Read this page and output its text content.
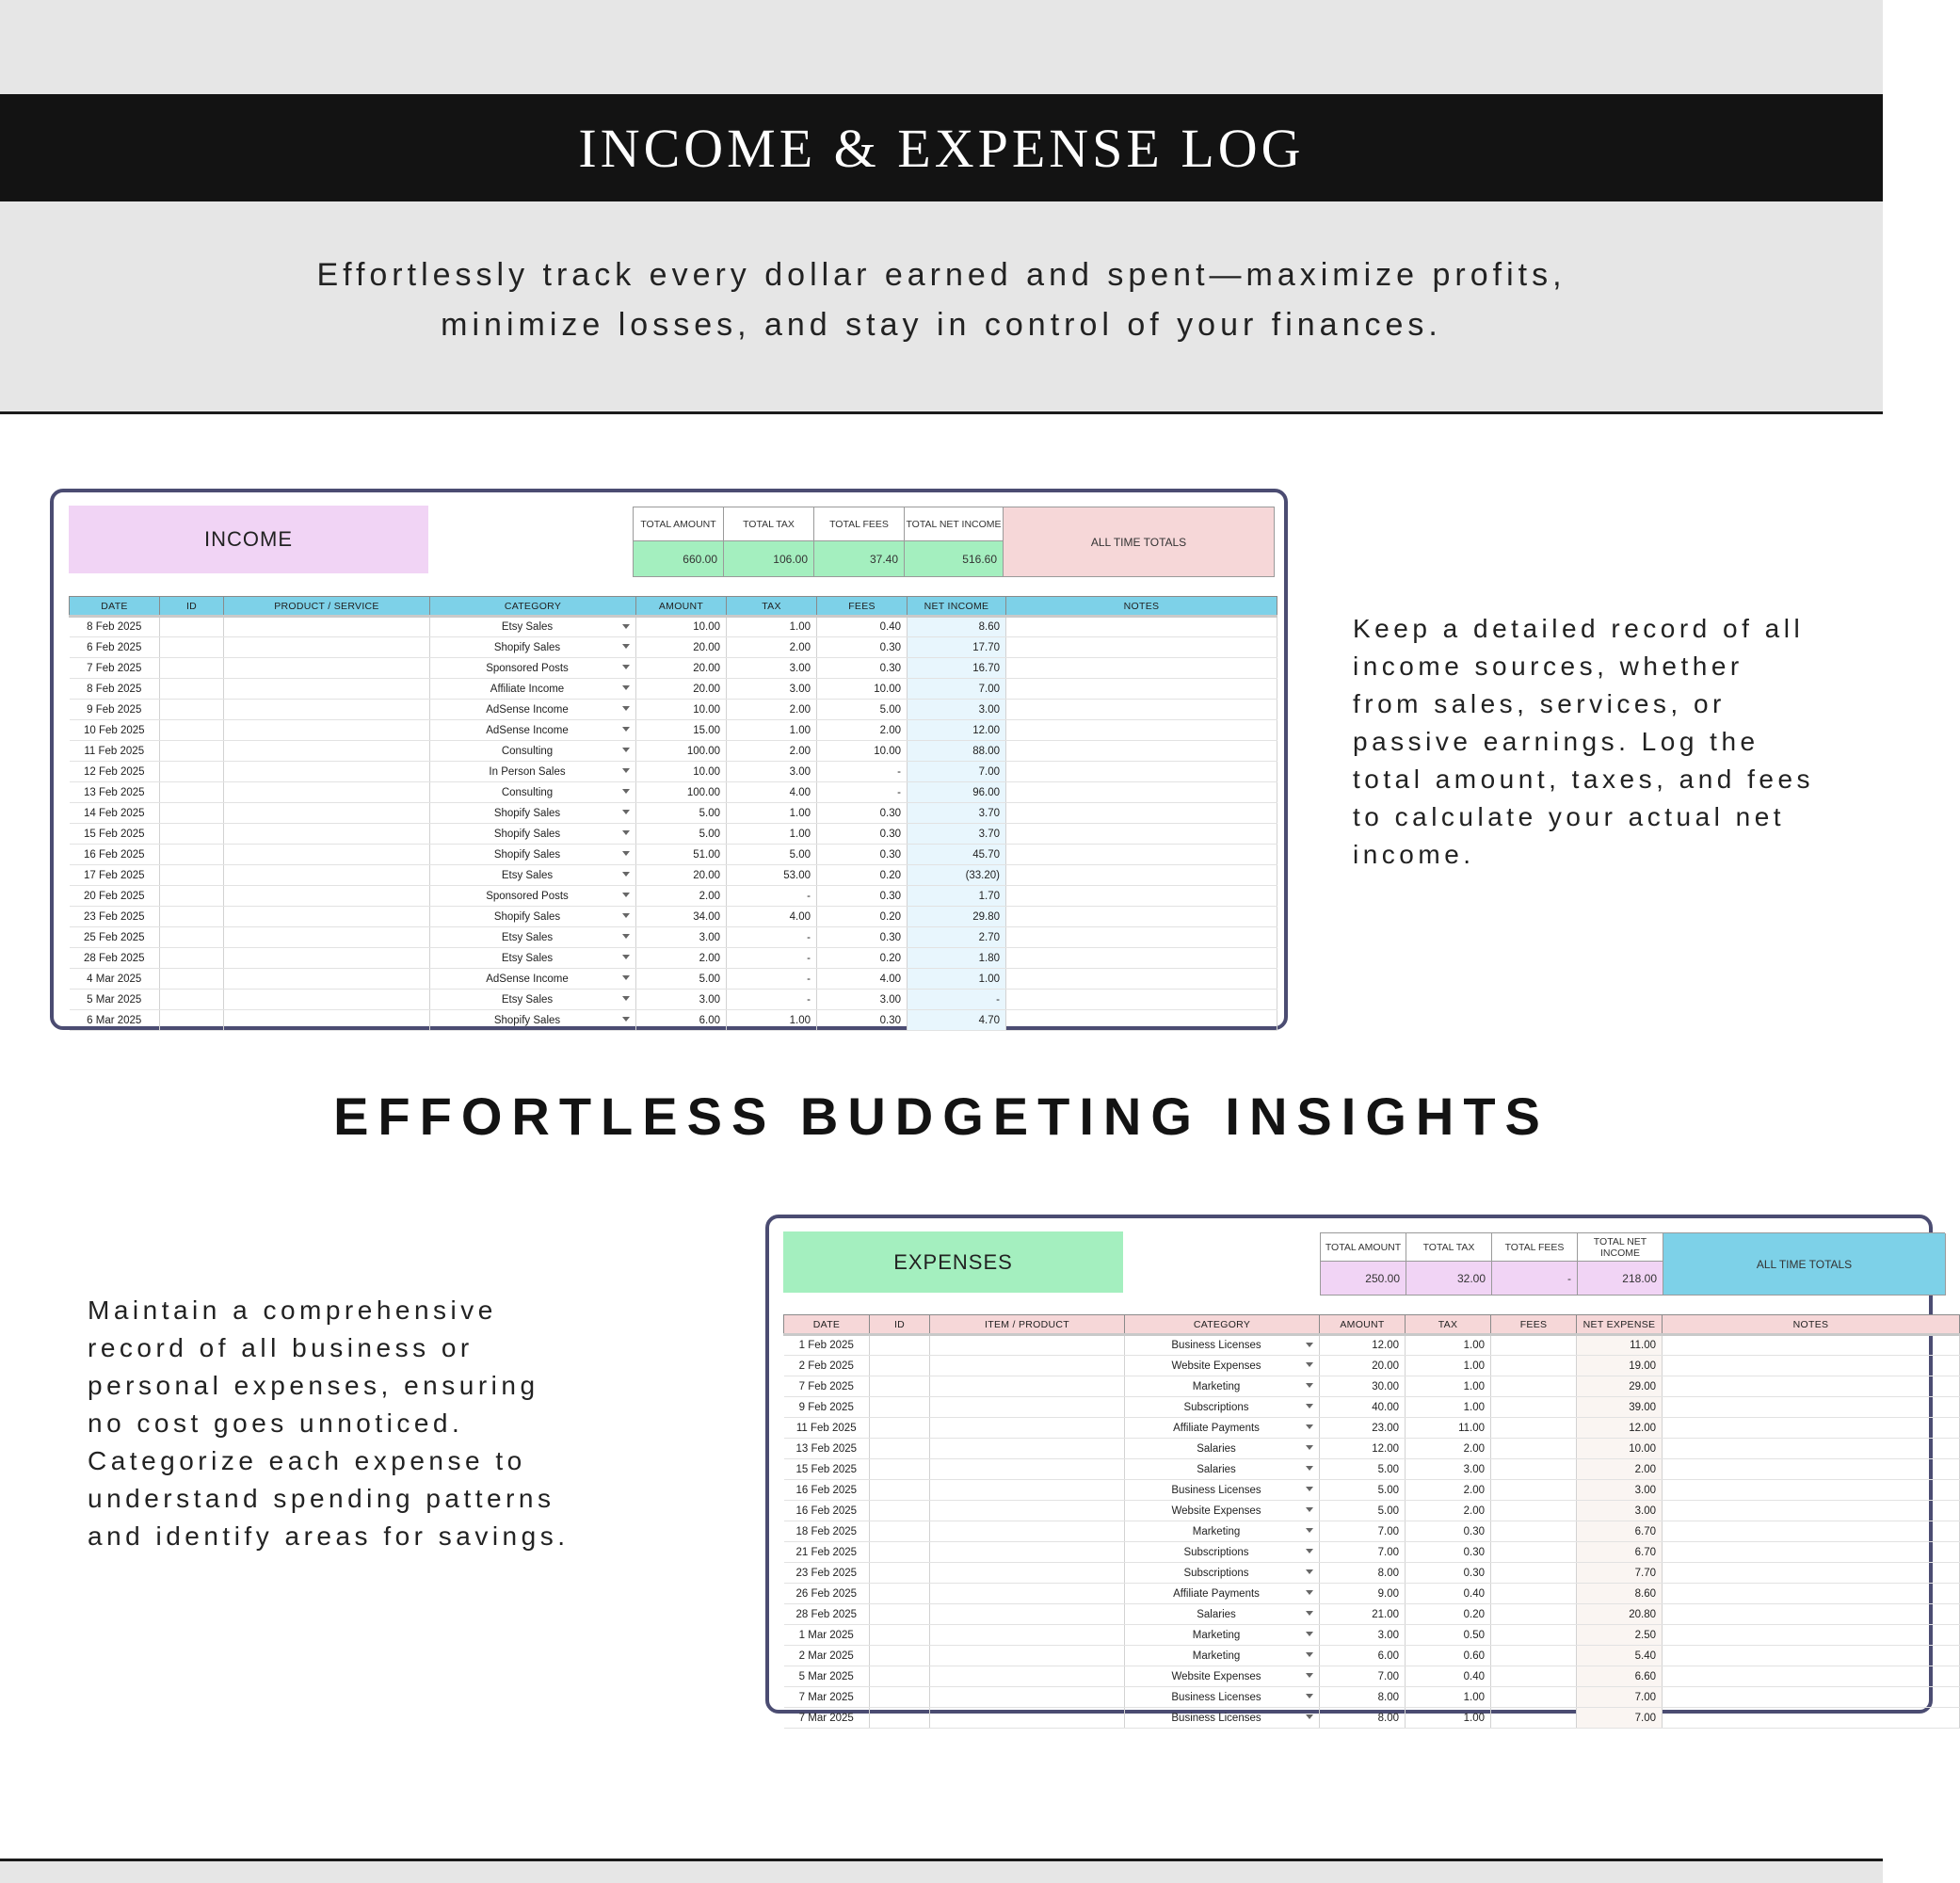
INCOME & EXPENSE LOG
Effortlessly track every dollar earned and spent—maximize profits,
minimize losses, and stay in control of your finances.
INCOME
TOTAL AMOUNT	TOTAL TAX	TOTAL FEES	TOTAL NET INCOME
ALL TIME TOTALS
660.00	106.00	37.40	516.60
DATE	ID	PRODUCT / SERVICE	CATEGORY	AMOUNT	TAX	FEES	NET INCOME	NOTES
8 Feb 2025			Etsy Sales	10.00	1.00	0.40	8.60	
6 Feb 2025			Shopify Sales	20.00	2.00	0.30	17.70	
7 Feb 2025			Sponsored Posts	20.00	3.00	0.30	16.70	
8 Feb 2025			Affiliate Income	20.00	3.00	10.00	7.00	
9 Feb 2025			AdSense Income	10.00	2.00	5.00	3.00	
10 Feb 2025			AdSense Income	15.00	1.00	2.00	12.00	
11 Feb 2025			Consulting	100.00	2.00	10.00	88.00	
12 Feb 2025			In Person Sales	10.00	3.00	-	7.00	
13 Feb 2025			Consulting	100.00	4.00	-	96.00	
14 Feb 2025			Shopify Sales	5.00	1.00	0.30	3.70	
15 Feb 2025			Shopify Sales	5.00	1.00	0.30	3.70	
16 Feb 2025			Shopify Sales	51.00	5.00	0.30	45.70	
17 Feb 2025			Etsy Sales	20.00	53.00	0.20	(33.20)	
20 Feb 2025			Sponsored Posts	2.00	-	0.30	1.70	
23 Feb 2025			Shopify Sales	34.00	4.00	0.20	29.80	
25 Feb 2025			Etsy Sales	3.00	-	0.30	2.70	
28 Feb 2025			Etsy Sales	2.00	-	0.20	1.80	
4 Mar 2025			AdSense Income	5.00	-	4.00	1.00	
5 Mar 2025			Etsy Sales	3.00	-	3.00	-	
6 Mar 2025			Shopify Sales	6.00	1.00	0.30	4.70	
Keep a detailed record of all income sources, whether from sales, services, or passive earnings. Log the total amount, taxes, and fees to calculate your actual net income.
EFFORTLESS BUDGETING INSIGHTS
EXPENSES
TOTAL AMOUNT	TOTAL TAX	TOTAL FEES	TOTAL NET INCOME
ALL TIME TOTALS
250.00	32.00	-	218.00
DATE	ID	ITEM / PRODUCT	CATEGORY	AMOUNT	TAX	FEES	NET EXPENSE	NOTES
1 Feb 2025			Business Licenses	12.00	1.00		11.00	
2 Feb 2025			Website Expenses	20.00	1.00		19.00	
7 Feb 2025			Marketing	30.00	1.00		29.00	
9 Feb 2025			Subscriptions	40.00	1.00		39.00	
11 Feb 2025			Affiliate Payments	23.00	11.00		12.00	
13 Feb 2025			Salaries	12.00	2.00		10.00	
15 Feb 2025			Salaries	5.00	3.00		2.00	
16 Feb 2025			Business Licenses	5.00	2.00		3.00	
16 Feb 2025			Website Expenses	5.00	2.00		3.00	
18 Feb 2025			Marketing	7.00	0.30		6.70	
21 Feb 2025			Subscriptions	7.00	0.30		6.70	
23 Feb 2025			Subscriptions	8.00	0.30		7.70	
26 Feb 2025			Affiliate Payments	9.00	0.40		8.60	
28 Feb 2025			Salaries	21.00	0.20		20.80	
1 Mar 2025			Marketing	3.00	0.50		2.50	
2 Mar 2025			Marketing	6.00	0.60		5.40	
5 Mar 2025			Website Expenses	7.00	0.40		6.60	
7 Mar 2025			Business Licenses	8.00	1.00		7.00	
7 Mar 2025			Business Licenses	8.00	1.00		7.00	
Maintain a comprehensive record of all business or personal expenses, ensuring no cost goes unnoticed. Categorize each expense to understand spending patterns and identify areas for savings.
